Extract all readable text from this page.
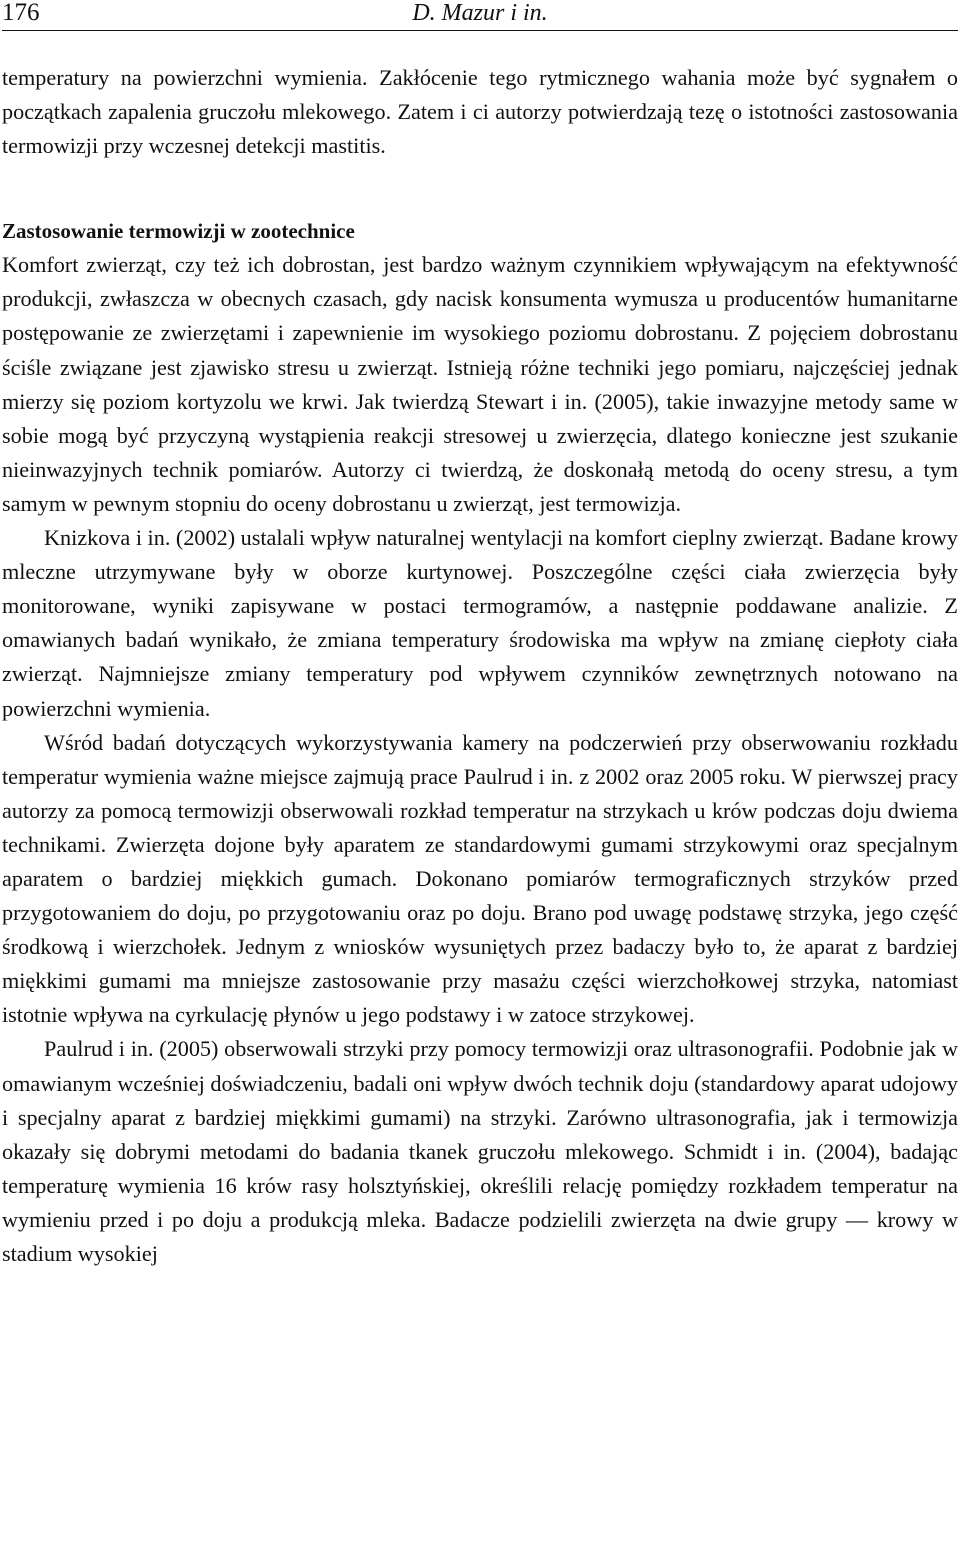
176	D. Mazur i in.

temperatury na powierzchni wymienia. Zakłócenie tego rytmicznego wahania może być sygnałem o początkach zapalenia gruczołu mlekowego. Zatem i ci autorzy potwierdzają tezę o istotności zastosowania termowizji przy wczesnej detekcji mastitis.

Zastosowanie termowizji w zootechnice

Komfort zwierząt, czy też ich dobrostan, jest bardzo ważnym czynnikiem wpływającym na efektywność produkcji, zwłaszcza w obecnych czasach, gdy nacisk konsumenta wymusza u producentów humanitarne postępowanie ze zwierzętami i zapewnienie im wysokiego poziomu dobrostanu. Z pojęciem dobrostanu ściśle związane jest zjawisko stresu u zwierząt. Istnieją różne techniki jego pomiaru, najczęściej jednak mierzy się poziom kortyzolu we krwi. Jak twierdzą Stewart i in. (2005), takie inwazyjne metody same w sobie mogą być przyczyną wystąpienia reakcji stresowej u zwierzęcia, dlatego konieczne jest szukanie nieinwazyjnych technik pomiarów. Autorzy ci twierdzą, że doskonałą metodą do oceny stresu, a tym samym w pewnym stopniu do oceny dobrostanu u zwierząt, jest termowizja.

Knizkova i in. (2002) ustalali wpływ naturalnej wentylacji na komfort cieplny zwierząt. Badane krowy mleczne utrzymywane były w oborze kurtynowej. Poszczególne części ciała zwierzęcia były monitorowane, wyniki zapisywane w postaci termogramów, a następnie poddawane analizie. Z omawianych badań wynikało, że zmiana temperatury środowiska ma wpływ na zmianę ciepłoty ciała zwierząt. Najmniejsze zmiany temperatury pod wpływem czynników zewnętrznych notowano na powierzchni wymienia.

Wśród badań dotyczących wykorzystywania kamery na podczerwień przy obserwowaniu rozkładu temperatur wymienia ważne miejsce zajmują prace Paulrud i in. z 2002 oraz 2005 roku. W pierwszej pracy autorzy za pomocą termowizji obserwowali rozkład temperatur na strzykach u krów podczas doju dwiema technikami. Zwierzęta dojone były aparatem ze standardowymi gumami strzykowymi oraz specjalnym aparatem o bardziej miękkich gumach. Dokonano pomiarów termograficznych strzyków przed przygotowaniem do doju, po przygotowaniu oraz po doju. Brano pod uwagę podstawę strzyka, jego część środkową i wierzchołek. Jednym z wniosków wysuniętych przez badaczy było to, że aparat z bardziej miękkimi gumami ma mniejsze zastosowanie przy masażu części wierzchołkowej strzyka, natomiast istotnie wpływa na cyrkulację płynów u jego podstawy i w zatoce strzykowej.

Paulrud i in. (2005) obserwowali strzyki przy pomocy termowizji oraz ultrasonografii. Podobnie jak w omawianym wcześniej doświadczeniu, badali oni wpływ dwóch technik doju (standardowy aparat udojowy i specjalny aparat z bardziej miękkimi gumami) na strzyki. Zarówno ultrasonografia, jak i termowizja okazały się dobrymi metodami do badania tkanek gruczołu mlekowego. Schmidt i in. (2004), badając temperaturę wymienia 16 krów rasy holsztyńskiej, określili relację pomiędzy rozkładem temperatur na wymieniu przed i po doju a produkcją mleka. Badacze podzielili zwierzęta na dwie grupy — krowy w stadium wysokiej
